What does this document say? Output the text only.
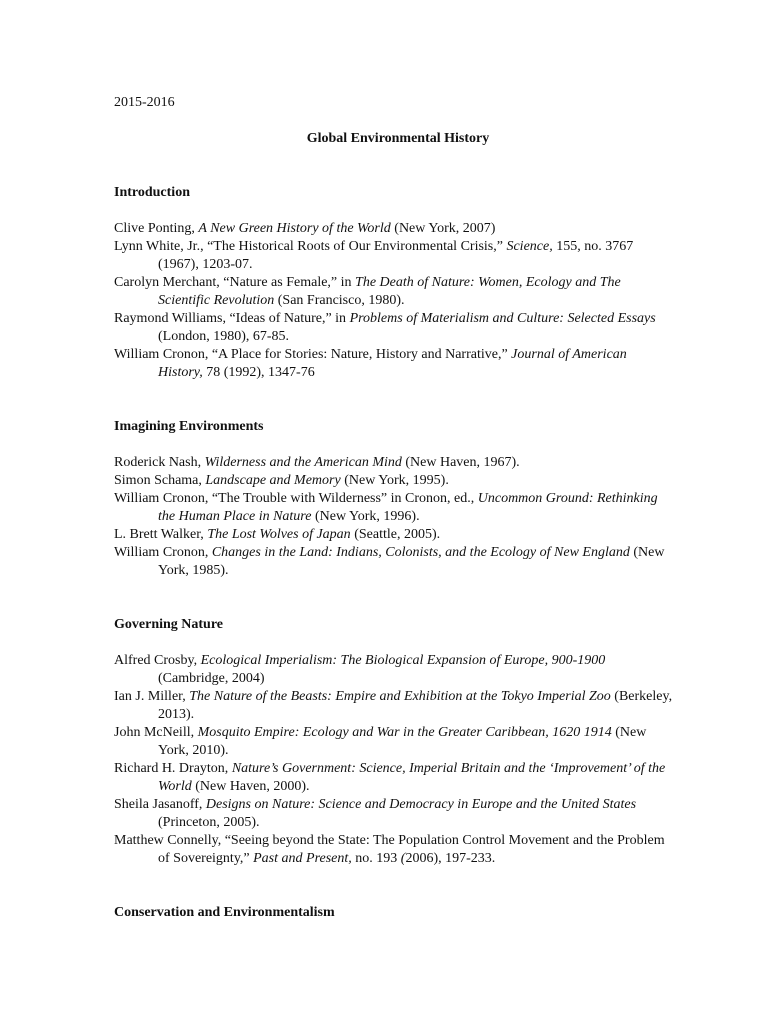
2015-2016
Global Environmental History
Introduction

Clive Ponting, A New Green History of the World (New York, 2007)

Lynn White, Jr., “The Historical Roots of Our Environmental Crisis,” Science, 155, no. 3767 (1967), 1203-07.

Carolyn Merchant, “Nature as Female,” in The Death of Nature: Women, Ecology and The Scientific Revolution (San Francisco, 1980).

Raymond Williams, “Ideas of Nature,” in Problems of Materialism and Culture: Selected Essays (London, 1980), 67-85.

William Cronon, “A Place for Stories: Nature, History and Narrative,” Journal of American History, 78 (1992), 1347-76

Imagining Environments

Roderick Nash, Wilderness and the American Mind (New Haven, 1967).

Simon Schama, Landscape and Memory (New York, 1995).

William Cronon, “The Trouble with Wilderness” in Cronon, ed., Uncommon Ground: Rethinking the Human Place in Nature (New York, 1996).

L. Brett Walker, The Lost Wolves of Japan (Seattle, 2005).

William Cronon, Changes in the Land: Indians, Colonists, and the Ecology of New England (New York, 1985).

Governing Nature

Alfred Crosby, Ecological Imperialism: The Biological Expansion of Europe, 900-1900 (Cambridge, 2004)

Ian J. Miller, The Nature of the Beasts: Empire and Exhibition at the Tokyo Imperial Zoo (Berkeley, 2013).

John McNeill, Mosquito Empire: Ecology and War in the Greater Caribbean, 1620 1914 (New York, 2010).

Richard H. Drayton, Nature’s Government: Science, Imperial Britain and the ‘Improvement’ of the World (New Haven, 2000).

Sheila Jasanoff, Designs on Nature: Science and Democracy in Europe and the United States (Princeton, 2005).

Matthew Connelly, “Seeing beyond the State: The Population Control Movement and the Problem of Sovereignty,” Past and Present, no. 193 (2006), 197-233.

Conservation and Environmentalism
